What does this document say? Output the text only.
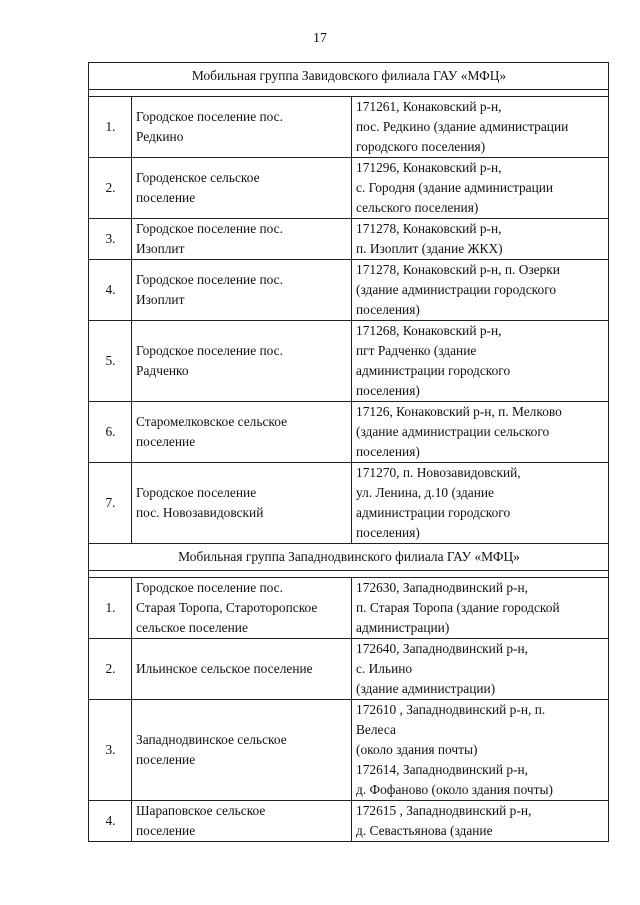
17
Мобильная группа Завидовского филиала ГАУ «МФЦ»		

1.	Городское поселение пос.
Редкино	171261, Конаковский р-н,
пос. Редкино (здание администрации
городского поселения)

2.	Городенское сельское
поселение	171296, Конаковский р-н,
с. Городня (здание администрации
сельского поселения)

3.	Городское поселение пос.
Изоплит	171278, Конаковский р-н,
п. Изоплит (здание ЖКХ)

4.	Городское поселение пос.
Изоплит	171278, Конаковский р-н, п. Озерки
(здание администрации городского
поселения)

5.	Городское поселение пос.
Радченко	171268, Конаковский р-н,
пгт Радченко (здание
администрации городского
поселения)

6.	Старомелковское сельское
поселение	17126, Конаковский р-н, п. Мелково
(здание администрации сельского
поселения)

7.	Городское поселение
пос. Новозавидовский	171270, п. Новозавидовский,
ул. Ленина, д.10 (здание
администрации городского
поселения)

Мобильная группа Западнодвинского филиала ГАУ «МФЦ»		

1.	Городское поселение пос.
Старая Торопа, Старотоpопское
сельское поселение	172630, Западнодвинский р-н,
п. Старая Торопа (здание городской
администрации)

2.	Ильинское сельское поселение	172640, Западнодвинский р-н,
с. Ильино
(здание администрации)

3.	Западнодвинское сельское
поселение	172610 , Западнодвинский р-н, п.
Велеса
(около здания почты)
172614, Западнодвинский р-н,
д. Фофаново (около здания почты)

4.	Шараповское сельское
поселение	172615 , Западнодвинский р-н,
д. Севастьянова (здание
